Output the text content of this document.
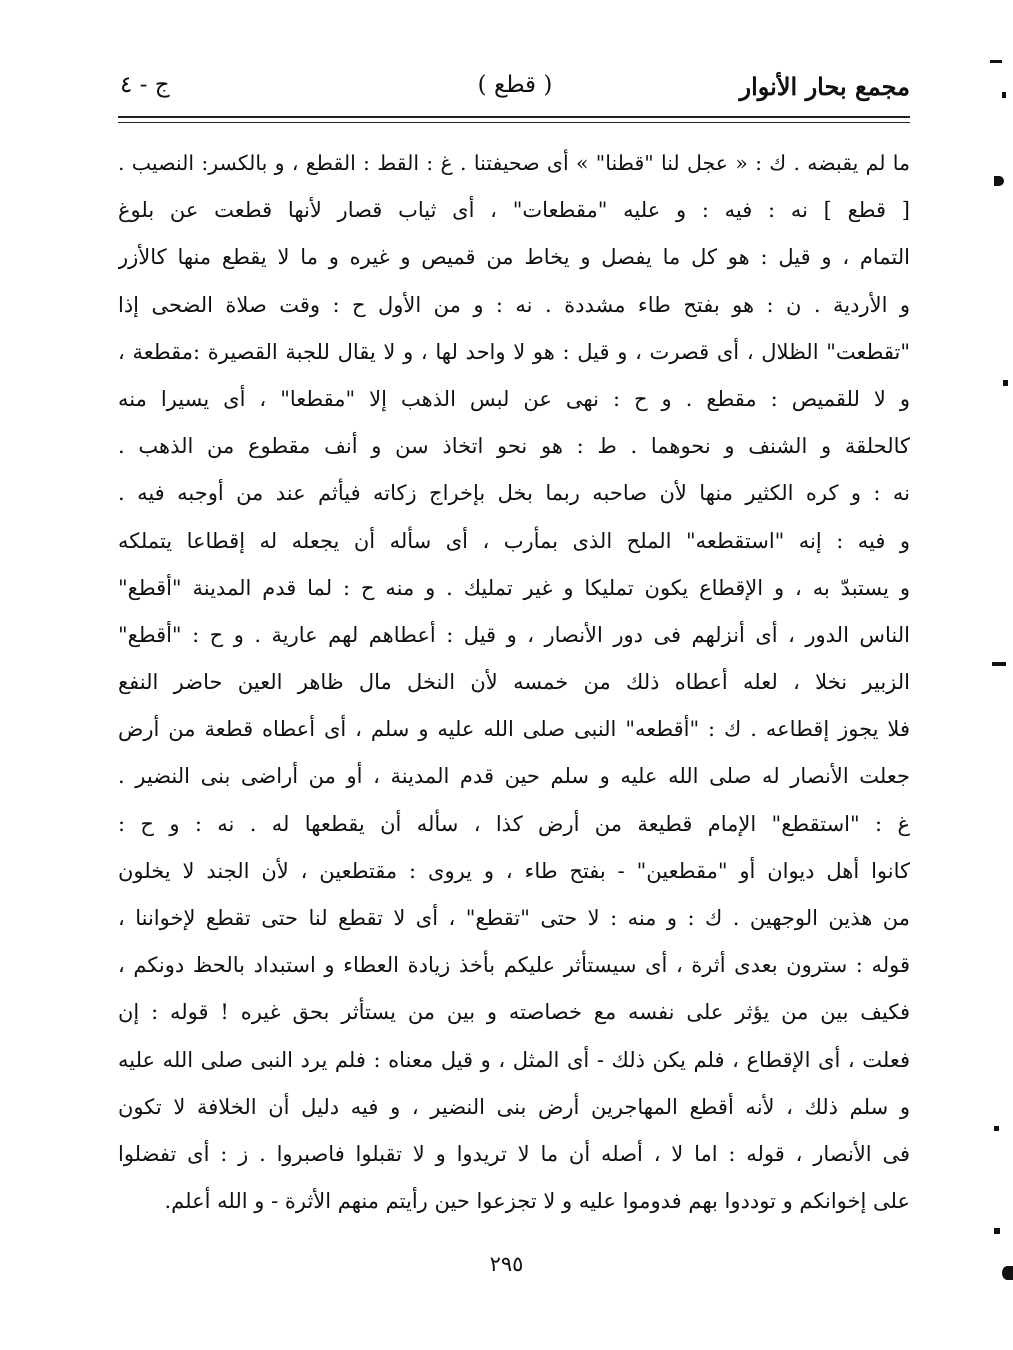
مجمع بحار الأنوار
( قطع )
ج - ٤
ما لم يقبضه . ك : « عجل لنا "قطنا" » أى صحيفتنا . غ : القط : القطع ، و بالكسر: النصيب .
[ قطع ] نه : فيه : و عليه "مقطعات" ، أى ثياب قصار لأنها قطعت عن بلوغ
التمام ، و قيل : هو كل ما يفصل و يخاط من قميص و غيره و ما لا يقطع منها كالأزر
و الأردية . ن : هو بفتح طاء مشددة . نه : و من الأول ح : وقت صلاة الضحى إذا
"تقطعت" الظلال ، أى قصرت ، و قيل : هو لا واحد لها ، و لا يقال للجبة القصيرة :مقطعة ،
و لا للقميص : مقطع . و ح : نهى عن لبس الذهب إلا "مقطعا" ، أى يسيرا منه
كالحلقة و الشنف و نحوهما . ط : هو نحو اتخاذ سن و أنف مقطوع من الذهب .
نه : و كره الكثير منها لأن صاحبه ربما بخل بإخراج زكاته فيأثم عند من أوجبه فيه .
و فيه : إنه "استقطعه" الملح الذى بمأرب ، أى سأله أن يجعله له إقطاعا يتملكه
و يستبدّ به ، و الإقطاع يكون تمليكا و غير تمليك . و منه ح : لما قدم المدينة "أقطع"
الناس الدور ، أى أنزلهم فى دور الأنصار ، و قيل : أعطاهم لهم عارية . و ح : "أقطع"
الزبير نخلا ، لعله أعطاه ذلك من خمسه لأن النخل مال ظاهر العين حاضر النفع
فلا يجوز إقطاعه . ك : "أقطعه" النبى صلى الله عليه و سلم ، أى أعطاه قطعة من أرض
جعلت الأنصار له صلى الله عليه و سلم حين قدم المدينة ، أو من أراضى بنى النضير .
غ : "استقطع" الإمام قطيعة من أرض كذا ، سأله أن يقطعها له . نه : و ح :
كانوا أهل ديوان أو "مقطعين" - بفتح طاء ، و يروى : مقتطعين ، لأن الجند لا يخلون
من هذين الوجهين . ك : و منه : لا حتى "تقطع" ، أى لا تقطع لنا حتى تقطع لإخواننا ،
قوله : سترون بعدى أثرة ، أى سيستأثر عليكم بأخذ زيادة العطاء و استبداد بالحظ دونكم ،
فكيف بين من يؤثر على نفسه مع خصاصته و بين من يستأثر بحق غيره ! قوله : إن
فعلت ، أى الإقطاع ، فلم يكن ذلك - أى المثل ، و قيل معناه : فلم يرد النبى صلى الله عليه
و سلم ذلك ، لأنه أقطع المهاجرين أرض بنى النضير ، و فيه دليل أن الخلافة لا تكون
فى الأنصار ، قوله : اما لا ، أصله أن ما لا تريدوا و لا تقبلوا فاصبروا . ز : أى تفضلوا
على إخوانكم و توددوا بهم فدوموا عليه و لا تجزعوا حين رأيتم منهم الأثرة - و الله أعلم.
٢٩٥
